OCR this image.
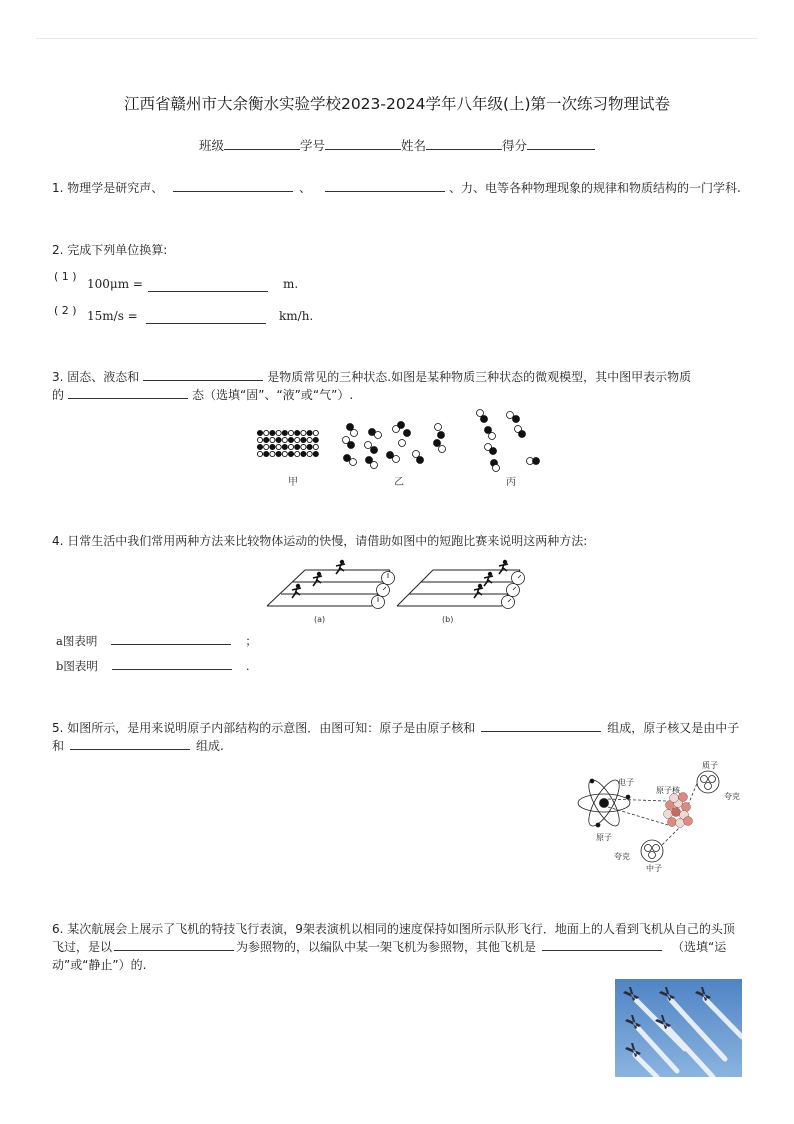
江西省赣州市大余衡水实验学校2023-2024学年八年级(上)第一次练习物理试卷
班级	学号	姓名	得分
1. 物理学是研究声、	、	、力、电等各种物理现象的规律和物质结构的一门学科.
2. 完成下列单位换算:
( 1 )
100μm =	m.
( 2 ) 15m/s =	km/h.
3. 固态、液态和	是物质常见的三种状态.如图是某种物质三种状态的微观模型，其中图甲表示物质
的	态（选填“固”、“液”或“气”）.
甲	乙	丙
4. 日常生活中我们常用两种方法来比较物体运动的快慢，请借助如图中的短跑比赛来说明这两种方法:
(a)	(b)
a图表明	；
b图表明	.
5. 如图所示，是用来说明原子内部结构的示意图．由图可知：原子是由原子核和	组成，原子核又是由中子
和	组成.
电子
原子核
原子
质子
夸克
夸克
中子
6. 某次航展会上展示了飞机的特技飞行表演，9架表演机以相同的速度保持如图所示队形飞行．地面上的人看到飞机从自己的头顶
飞过，是以	为参照物的，以编队中某一架飞机为参照物，其他飞机是	（选填“运
动”或“静止”）的.
